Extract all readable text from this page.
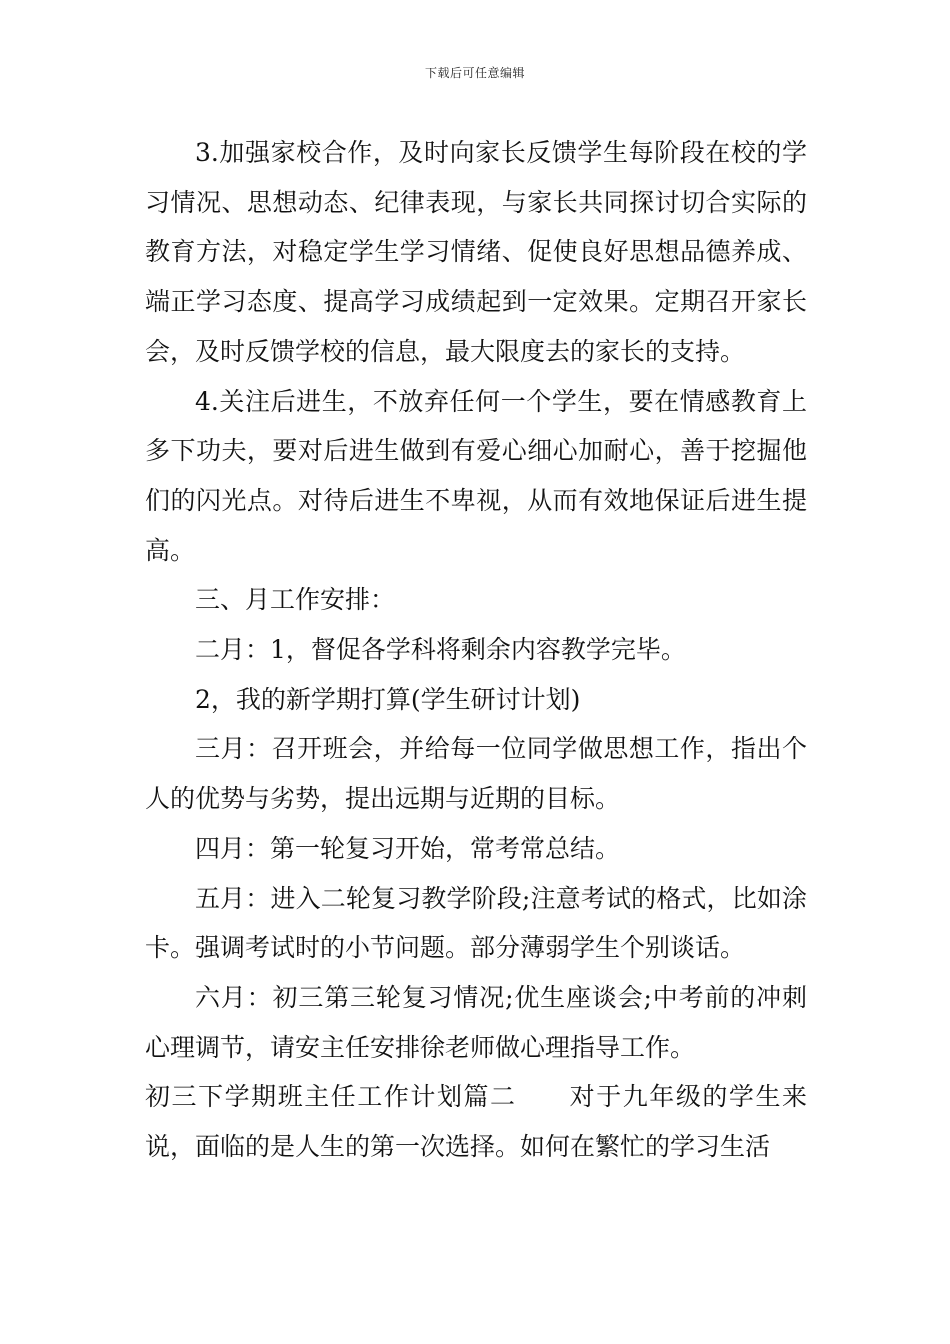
下载后可任意编辑

3.加强家校合作，及时向家长反馈学生每阶段在校的学习情况、思想动态、纪律表现，与家长共同探讨切合实际的教育方法，对稳定学生学习情绪、促使良好思想品德养成、端正学习态度、提高学习成绩起到一定效果。定期召开家长会，及时反馈学校的信息，最大限度去的家长的支持。

4.关注后进生，不放弃任何一个学生，要在情感教育上多下功夫，要对后进生做到有爱心细心加耐心，善于挖掘他们的闪光点。对待后进生不卑视，从而有效地保证后进生提高。

三、月工作安排：

二月：1，督促各学科将剩余内容教学完毕。

2，我的新学期打算(学生研讨计划)

三月：召开班会，并给每一位同学做思想工作，指出个人的优势与劣势，提出远期与近期的目标。

四月：第一轮复习开始，常考常总结。

五月：进入二轮复习教学阶段;注意考试的格式，比如涂卡。强调考试时的小节问题。部分薄弱学生个别谈话。

六月：初三第三轮复习情况;优生座谈会;中考前的冲刺心理调节，请安主任安排徐老师做心理指导工作。

初三下学期班主任工作计划篇二　　对于九年级的学生来说，面临的是人生的第一次选择。如何在繁忙的学习生活
